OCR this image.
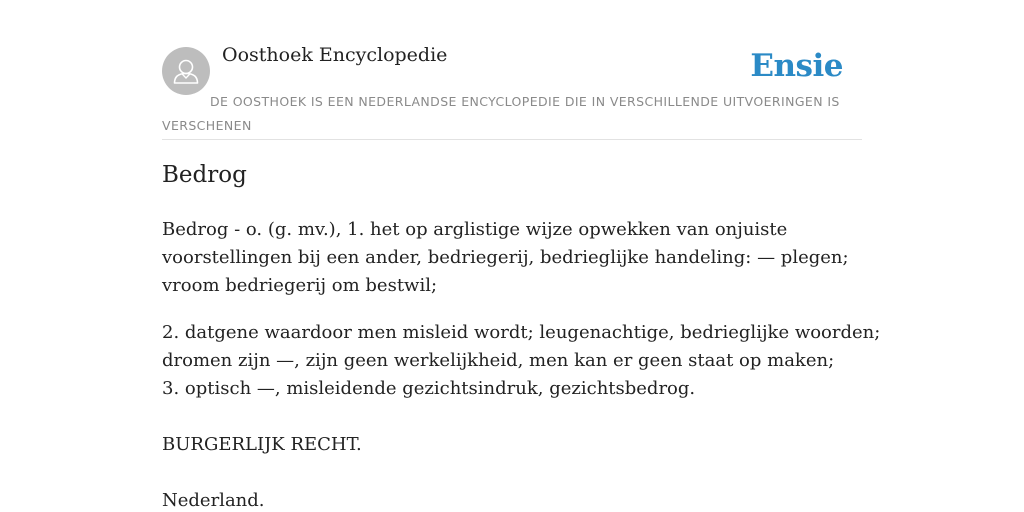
Oosthoek Encyclopedie	Ensie

DE OOSTHOEK IS EEN NEDERLANDSE ENCYCLOPEDIE DIE IN VERSCHILLENDE UITVOERINGEN IS VERSCHENEN

Bedrog

Bedrog - o. (g. mv.), 1. het op arglistige wijze opwekken van onjuiste
voorstellingen bij een ander, bedriegerij, bedrieglijke handeling: — plegen;
vroom bedriegerij om bestwil;

2. datgene waardoor men misleid wordt; leugenachtige, bedrieglijke woorden;
dromen zijn —, zijn geen werkelijkheid, men kan er geen staat op maken;
3. optisch —, misleidende gezichtsindruk, gezichtsbedrog.

BURGERLIJK RECHT.

Nederland.
